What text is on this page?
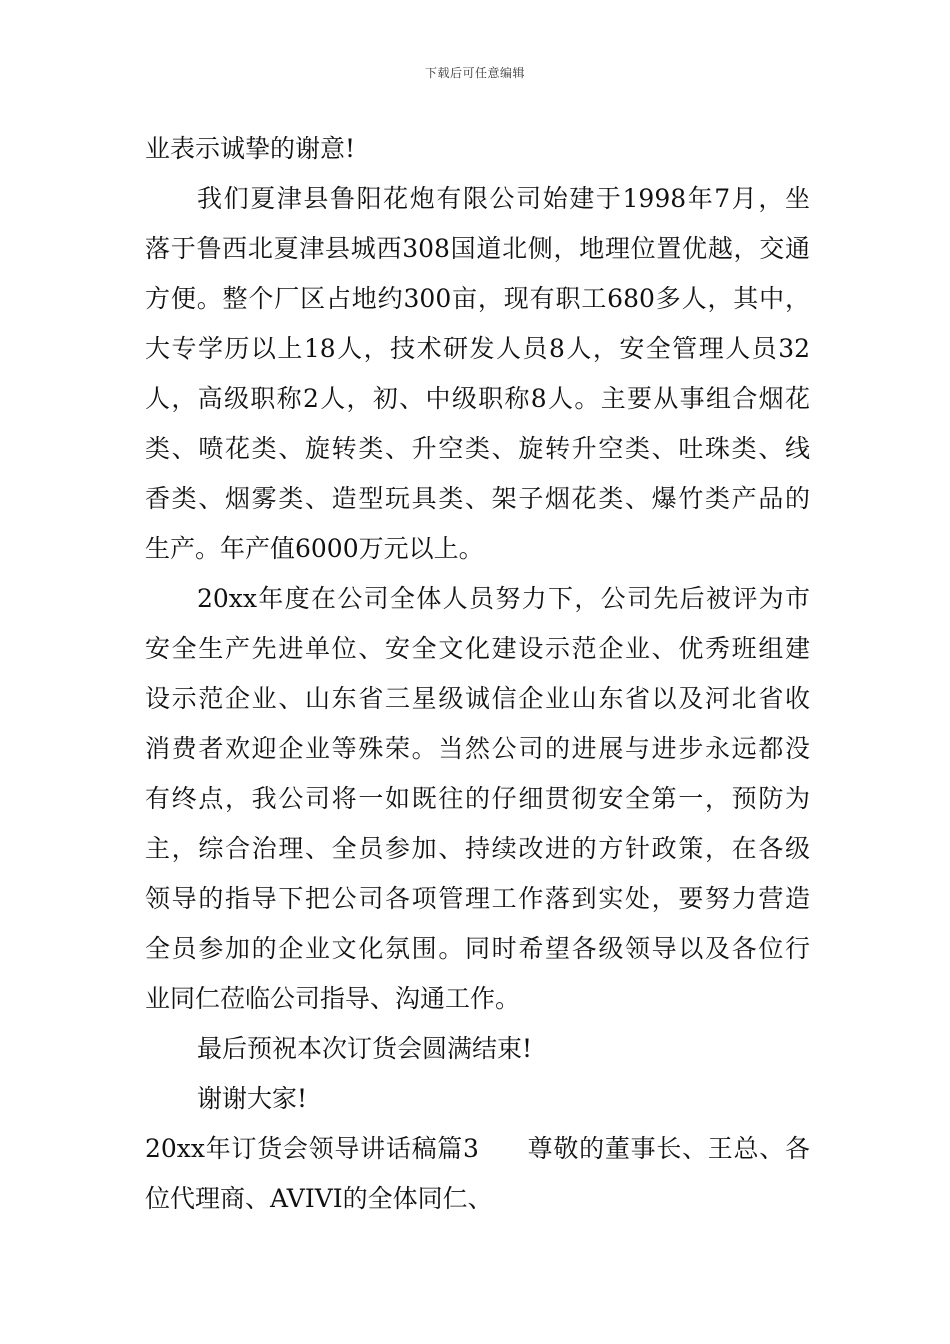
下载后可任意编辑
业表示诚挚的谢意!
我们夏津县鲁阳花炮有限公司始建于1998年7月，坐
落于鲁西北夏津县城西308国道北侧，地理位置优越，交通
方便。整个厂区占地约300亩，现有职工680多人，其中，
大专学历以上18人，技术研发人员8人，安全管理人员32
人，高级职称2人，初、中级职称8人。主要从事组合烟花
类、喷花类、旋转类、升空类、旋转升空类、吐珠类、线
香类、烟雾类、造型玩具类、架子烟花类、爆竹类产品的
生产。年产值6000万元以上。
20xx年度在公司全体人员努力下，公司先后被评为市
安全生产先进单位、安全文化建设示范企业、优秀班组建
设示范企业、山东省三星级诚信企业山东省以及河北省收
消费者欢迎企业等殊荣。当然公司的进展与进步永远都没
有终点，我公司将一如既往的仔细贯彻安全第一，预防为
主，综合治理、全员参加、持续改进的方针政策，在各级
领导的指导下把公司各项管理工作落到实处，要努力营造
全员参加的企业文化氛围。同时希望各级领导以及各位行
业同仁莅临公司指导、沟通工作。
最后预祝本次订货会圆满结束!
谢谢大家!
20xx年订货会领导讲话稿篇3 尊敬的董事长、王总、各
位代理商、AVIVI的全体同仁、
